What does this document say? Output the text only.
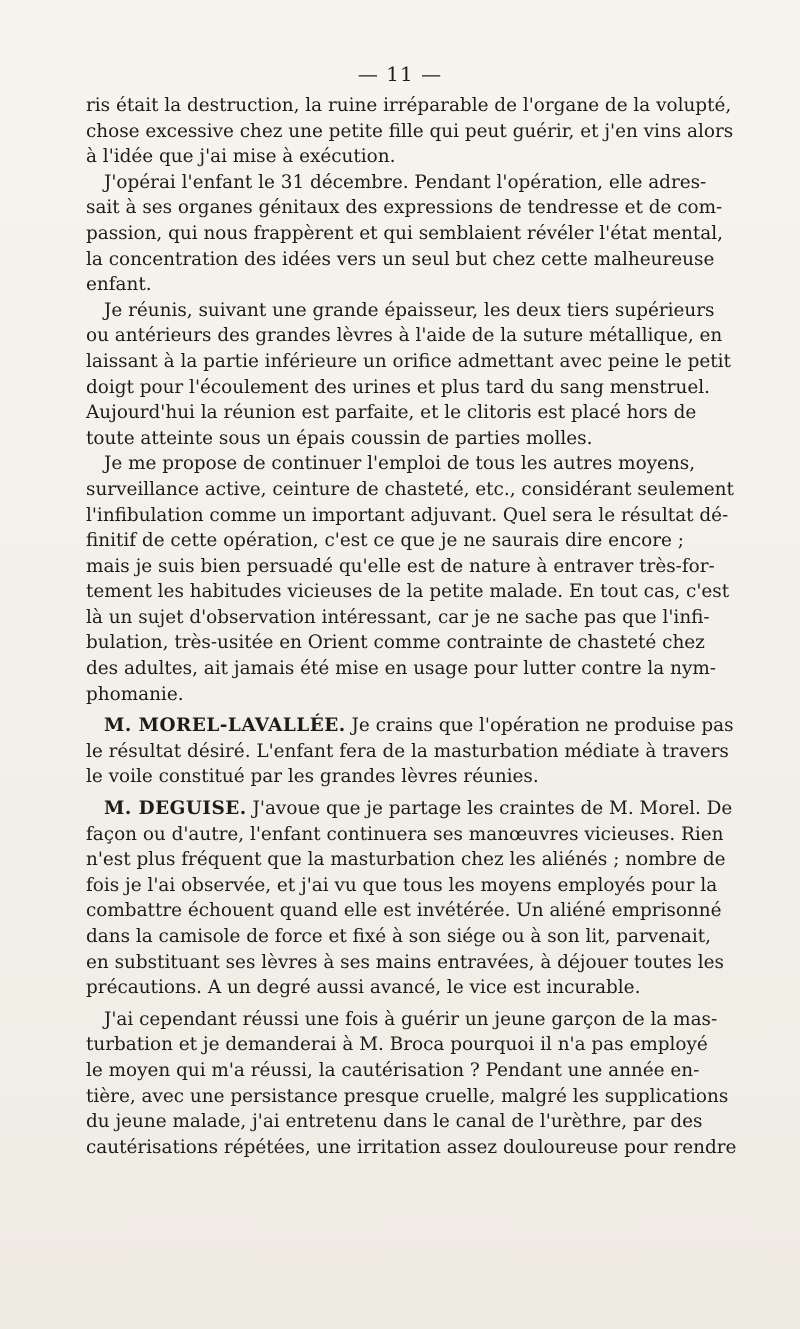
— 11 —

ris était la destruction, la ruine irréparable de l'organe de la volupté,
chose excessive chez une petite fille qui peut guérir, et j'en vins alors
à l'idée que j'ai mise à exécution.

J'opérai l'enfant le 31 décembre. Pendant l'opération, elle adres-
sait à ses organes génitaux des expressions de tendresse et de com-
passion, qui nous frappèrent et qui semblaient révéler l'état mental,
la concentration des idées vers un seul but chez cette malheureuse
enfant.

Je réunis, suivant une grande épaisseur, les deux tiers supérieurs
ou antérieurs des grandes lèvres à l'aide de la suture métallique, en
laissant à la partie inférieure un orifice admettant avec peine le petit
doigt pour l'écoulement des urines et plus tard du sang menstruel.
Aujourd'hui la réunion est parfaite, et le clitoris est placé hors de
toute atteinte sous un épais coussin de parties molles.

Je me propose de continuer l'emploi de tous les autres moyens,
surveillance active, ceinture de chasteté, etc., considérant seulement
l'infibulation comme un important adjuvant. Quel sera le résultat dé-
finitif de cette opération, c'est ce que je ne saurais dire encore ;
mais je suis bien persuadé qu'elle est de nature à entraver très-for-
tement les habitudes vicieuses de la petite malade. En tout cas, c'est
là un sujet d'observation intéressant, car je ne sache pas que l'infi-
bulation, très-usitée en Orient comme contrainte de chasteté chez
des adultes, ait jamais été mise en usage pour lutter contre la nym-
phomanie.

M. MOREL-LAVALLÉE. Je crains que l'opération ne produise pas
le résultat désiré. L'enfant fera de la masturbation médiate à travers
le voile constitué par les grandes lèvres réunies.

M. DEGUISE. J'avoue que je partage les craintes de M. Morel. De
façon ou d'autre, l'enfant continuera ses manœuvres vicieuses. Rien
n'est plus fréquent que la masturbation chez les aliénés ; nombre de
fois je l'ai observée, et j'ai vu que tous les moyens employés pour la
combattre échouent quand elle est invétérée. Un aliéné emprisonné
dans la camisole de force et fixé à son siége ou à son lit, parvenait,
en substituant ses lèvres à ses mains entravées, à déjouer toutes les
précautions. A un degré aussi avancé, le vice est incurable.

J'ai cependant réussi une fois à guérir un jeune garçon de la mas-
turbation et je demanderai à M. Broca pourquoi il n'a pas employé
le moyen qui m'a réussi, la cautérisation ? Pendant une année en-
tière, avec une persistance presque cruelle, malgré les supplications
du jeune malade, j'ai entretenu dans le canal de l'urèthre, par des
cautérisations répétées, une irritation assez douloureuse pour rendre
